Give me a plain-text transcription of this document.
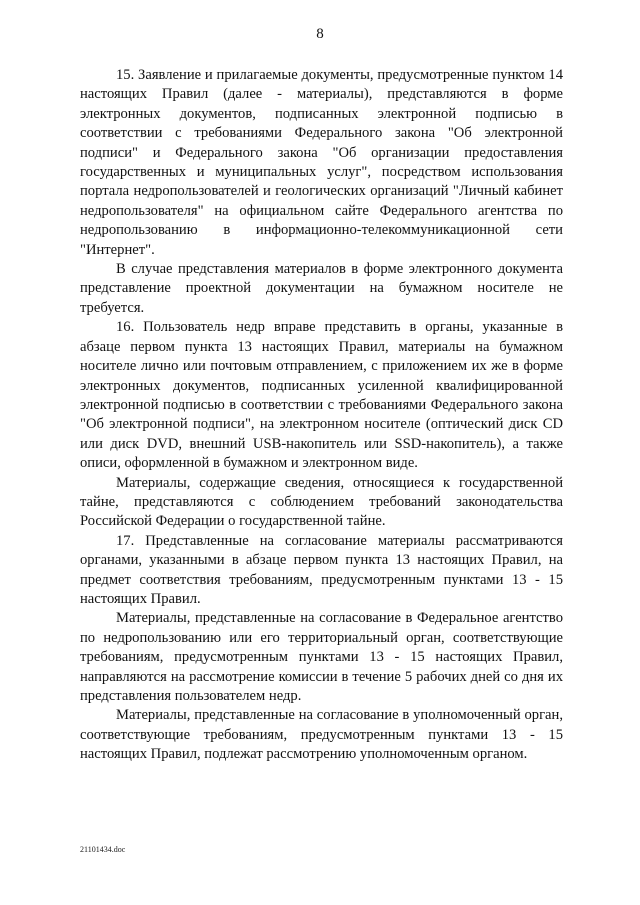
8

15. Заявление и прилагаемые документы, предусмотренные пунктом 14 настоящих Правил (далее - материалы), представляются в форме электронных документов, подписанных электронной подписью в соответствии с требованиями Федерального закона "Об электронной подписи" и Федерального закона "Об организации предоставления государственных и муниципальных услуг", посредством использования портала недропользователей и геологических организаций "Личный кабинет недропользователя" на официальном сайте Федерального агентства по недропользованию в информационно-телекоммуникационной сети "Интернет".

В случае представления материалов в форме электронного документа представление проектной документации на бумажном носителе не требуется.

16. Пользователь недр вправе представить в органы, указанные в абзаце первом пункта 13 настоящих Правил, материалы на бумажном носителе лично или почтовым отправлением, с приложением их же в форме электронных документов, подписанных усиленной квалифицированной электронной подписью в соответствии с требованиями Федерального закона "Об электронной подписи", на электронном носителе (оптический диск CD или диск DVD, внешний USB-накопитель или SSD-накопитель), а также описи, оформленной в бумажном и электронном виде.

Материалы, содержащие сведения, относящиеся к государственной тайне, представляются с соблюдением требований законодательства Российской Федерации о государственной тайне.

17. Представленные на согласование материалы рассматриваются органами, указанными в абзаце первом пункта 13 настоящих Правил, на предмет соответствия требованиям, предусмотренным пунктами 13 - 15 настоящих Правил.

Материалы, представленные на согласование в Федеральное агентство по недропользованию или его территориальный орган, соответствующие требованиям, предусмотренным пунктами 13 - 15 настоящих Правил, направляются на рассмотрение комиссии в течение 5 рабочих дней со дня их представления пользователем недр.

Материалы, представленные на согласование в уполномоченный орган, соответствующие требованиям, предусмотренным пунктами 13 - 15 настоящих Правил, подлежат рассмотрению уполномоченным органом.

21101434.doc
